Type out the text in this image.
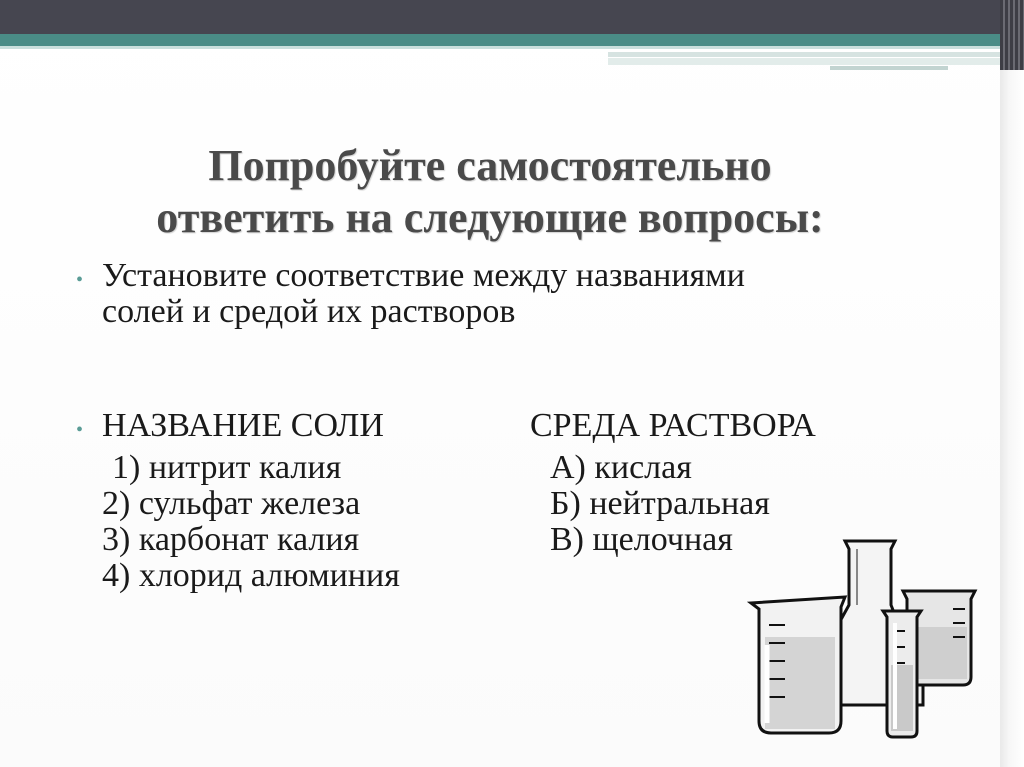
Попробуйте самостоятельно
ответить на следующие вопросы:
• Установите соответствие между названиями
солей и средой их растворов
• НАЗВАНИЕ СОЛИ	СРЕДА РАСТВОРА
1) нитрит калия
2) сульфат железа
3) карбонат калия
4) хлорид алюминия
А) кислая
Б) нейтральная
В) щелочная
